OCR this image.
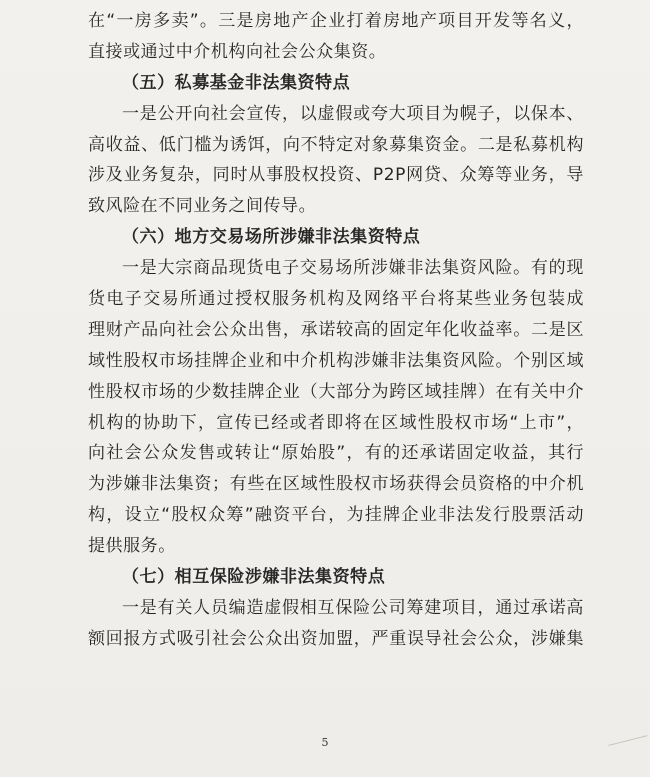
在“一房多卖”。三是房地产企业打着房地产项目开发等名义，
直接或通过中介机构向社会公众集资。
（五）私募基金非法集资特点
一是公开向社会宣传，以虚假或夸大项目为幌子，以保本、
高收益、低门槛为诱饵，向不特定对象募集资金。二是私募机构
涉及业务复杂，同时从事股权投资、P2P网贷、众筹等业务，导
致风险在不同业务之间传导。
（六）地方交易场所涉嫌非法集资特点
一是大宗商品现货电子交易场所涉嫌非法集资风险。有的现
货电子交易所通过授权服务机构及网络平台将某些业务包装成
理财产品向社会公众出售，承诺较高的固定年化收益率。二是区
域性股权市场挂牌企业和中介机构涉嫌非法集资风险。个别区域
性股权市场的少数挂牌企业（大部分为跨区域挂牌）在有关中介
机构的协助下，宣传已经或者即将在区域性股权市场“上市”，
向社会公众发售或转让“原始股”，有的还承诺固定收益，其行
为涉嫌非法集资；有些在区域性股权市场获得会员资格的中介机
构，设立“股权众筹”融资平台，为挂牌企业非法发行股票活动
提供服务。
（七）相互保险涉嫌非法集资特点
一是有关人员编造虚假相互保险公司筹建项目，通过承诺高
额回报方式吸引社会公众出资加盟，严重误导社会公众，涉嫌集
5
